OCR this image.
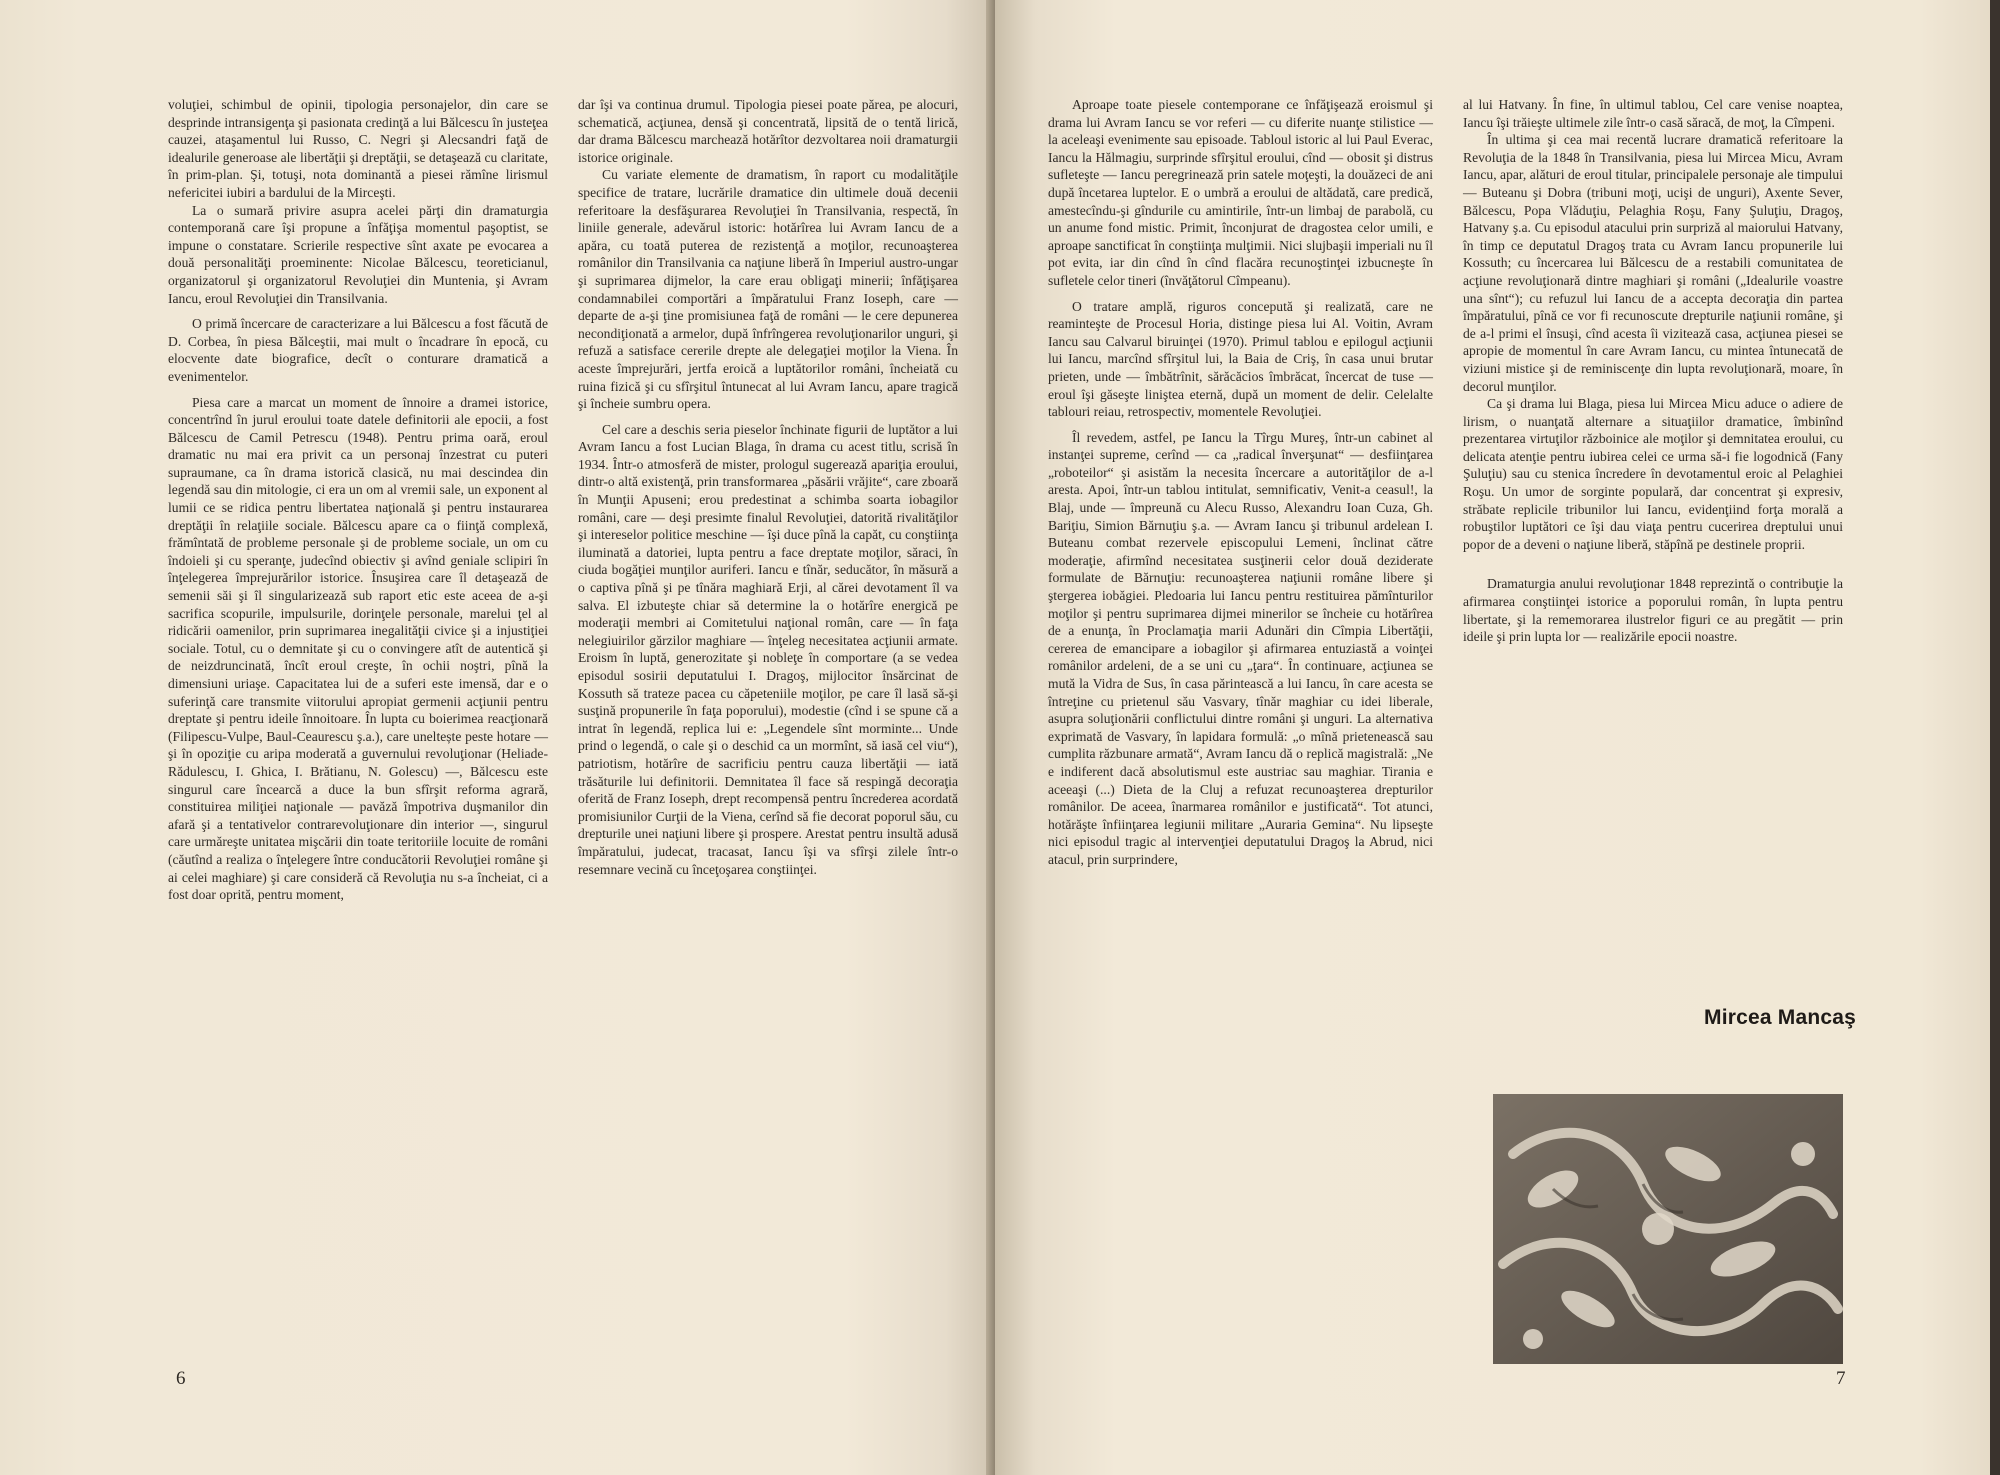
voluţiei, schimbul de opinii, tipologia personajelor, din care se desprinde intransigenţa şi pasionata credinţă a lui Bălcescu în justeţea cauzei, ataşamentul lui Russo, C. Negri şi Alecsandri faţă de idealurile generoase ale libertăţii şi dreptăţii, se detaşează cu claritate, în prim-plan. Şi, totuşi, nota dominantă a piesei rămîne lirismul nefericitei iubiri a bardului de la Mirceşti.

La o sumară privire asupra acelei părţi din dramaturgia contemporană care îşi propune a înfăţişa momentul paşoptist, se impune o constatare. Scrierile respective sînt axate pe evocarea a două personalităţi proeminente: Nicolae Bălcescu, teoreticianul, organizatorul şi organizatorul Revoluţiei din Muntenia, şi Avram Iancu, eroul Revoluţiei din Transilvania.

O primă încercare de caracterizare a lui Bălcescu a fost făcută de D. Corbea, în piesa Bălceştii, mai mult o încadrare în epocă, cu elocvente date biografice, decît o conturare dramatică a evenimentelor.

Piesa care a marcat un moment de înnoire a dramei istorice, concentrînd în jurul eroului toate datele definitorii ale epocii, a fost Bălcescu de Camil Petrescu (1948). Pentru prima oară, eroul dramatic nu mai era privit ca un personaj înzestrat cu puteri supraumane, ca în drama istorică clasică, nu mai descindea din legendă sau din mitologie, ci era un om al vremii sale, un exponent al lumii ce se ridica pentru libertatea naţională şi pentru instaurarea dreptăţii în relaţiile sociale. Bălcescu apare ca o fiinţă complexă, frămîntată de probleme personale şi de probleme sociale, un om cu îndoieli şi cu speranţe, judecînd obiectiv şi avînd geniale sclipiri în înţelegerea împrejurărilor istorice. Însuşirea care îl detaşează de semenii săi şi îl singularizează sub raport etic este aceea de a-şi sacrifica scopurile, impulsurile, dorinţele personale, marelui ţel al ridicării oamenilor, prin suprimarea inegalităţii civice şi a injustiţiei sociale. Totul, cu o demnitate şi cu o convingere atît de autentică şi de neizdruncinată, încît eroul creşte, în ochii noştri, pînă la dimensiuni uriaşe. Capacitatea lui de a suferi este imensă, dar e o suferinţă care transmite viitorului apropiat germenii acţiunii pentru dreptate şi pentru ideile înnoitoare. În lupta cu boierimea reacţionară (Filipescu-Vulpe, Baul-Ceaurescu ş.a.), care uneltește peste hotare — şi în opoziţie cu aripa moderată a guvernului revoluţionar (Heliade-Rădulescu, I. Ghica, I. Brătianu, N. Golescu) —, Bălcescu este singurul care încearcă a duce la bun sfîrşit reforma agrară, constituirea miliţiei naţionale — pavăză împotriva duşmanilor din afară şi a tentativelor contrarevoluţionare din interior —, singurul care urmăreşte unitatea mişcării din toate teritoriile locuite de români (căutînd a realiza o înţelegere între conducătorii Revoluţiei române şi ai celei maghiare) şi care consideră că Revoluţia nu s-a încheiat, ci a fost doar oprită, pentru moment,

dar îşi va continua drumul. Tipologia piesei poate părea, pe alocuri, schematică, acţiunea, densă şi concentrată, lipsită de o tentă lirică, dar drama Bălcescu marchează hotărîtor dezvoltarea noii dramaturgii istorice originale.

Cu variate elemente de dramatism, în raport cu modalităţile specifice de tratare, lucrările dramatice din ultimele două decenii referitoare la desfăşurarea Revoluţiei în Transilvania, respectă, în liniile generale, adevărul istoric: hotărîrea lui Avram Iancu de a apăra, cu toată puterea de rezistenţă a moţilor, recunoaşterea românilor din Transilvania ca naţiune liberă în Imperiul austro-ungar şi suprimarea dijmelor, la care erau obligaţi minerii; înfăţişarea condamnabilei comportări a împăratului Franz Ioseph, care — departe de a-şi ţine promisiunea faţă de români — le cere depunerea necondiţionată a armelor, după înfrîngerea revoluţionarilor unguri, şi refuză a satisface cererile drepte ale delegaţiei moţilor la Viena. În aceste împrejurări, jertfa eroică a luptătorilor români, încheiată cu ruina fizică şi cu sfîrşitul întunecat al lui Avram Iancu, apare tragică şi încheie sumbru opera.

Cel care a deschis seria pieselor închinate figurii de luptător a lui Avram Iancu a fost Lucian Blaga, în drama cu acest titlu, scrisă în 1934. Într-o atmosferă de mister, prologul sugerează apariţia eroului, dintr-o altă existenţă, prin transformarea „păsării vrăjite“, care zboară în Munţii Apuseni; erou predestinat a schimba soarta iobagilor români, care — deşi presimte finalul Revoluţiei, datorită rivalităţilor şi intereselor politice meschine — îşi duce pînă la capăt, cu conştiinţa iluminată a datoriei, lupta pentru a face dreptate moţilor, săraci, în ciuda bogăţiei munţilor auriferi. Iancu e tînăr, seducător, în măsură a o captiva pînă şi pe tînăra maghiară Erji, al cărei devotament îl va salva. El izbuteşte chiar să determine la o hotărîre energică pe moderaţii membri ai Comitetului naţional român, care — în faţa nelegiuirilor gărzilor maghiare — înţeleg necesitatea acţiunii armate. Eroism în luptă, generozitate şi nobleţe în comportare (a se vedea episodul sosirii deputatului I. Dragoş, mijlocitor însărcinat de Kossuth să trateze pacea cu căpeteniile moţilor, pe care îl lasă să-şi susţină propunerile în faţa poporului), modestie (cînd i se spune că a intrat în legendă, replica lui e: „Legendele sînt morminte... Unde prind o legendă, o cale şi o deschid ca un mormînt, să iasă cel viu“), patriotism, hotărîre de sacrificiu pentru cauza libertăţii — iată trăsăturile lui definitorii. Demnitatea îl face să respingă decoraţia oferită de Franz Ioseph, drept recompensă pentru încrederea acordată promisiunilor Curţii de la Viena, cerînd să fie decorat poporul său, cu drepturile unei naţiuni libere şi prospere. Arestat pentru insultă adusă împăratului, judecat, tracasat, Iancu îşi va sfîrşi zilele într-o resemnare vecină cu înceţoşarea conştiinţei.

6

Aproape toate piesele contemporane ce înfăţişează eroismul şi drama lui Avram Iancu se vor referi — cu diferite nuanţe stilistice — la aceleaşi evenimente sau episoade. Tabloul istoric al lui Paul Everac, Iancu la Hălmagiu, surprinde sfîrşitul eroului, cînd — obosit şi distrus sufleteşte — Iancu peregrinează prin satele moţeşti, la douăzeci de ani după încetarea luptelor. E o umbră a eroului de altădată, care predică, amestecîndu-şi gîndurile cu amintirile, într-un limbaj de parabolă, cu un anume fond mistic. Primit, înconjurat de dragostea celor umili, e aproape sanctificat în conştiinţa mulţimii. Nici slujbaşii imperiali nu îl pot evita, iar din cînd în cînd flacăra recunoştinţei izbucneşte în sufletele celor tineri (învăţătorul Cîmpeanu).

O tratare amplă, riguros concepută şi realizată, care ne reaminteşte de Procesul Horia, distinge piesa lui Al. Voitin, Avram Iancu sau Calvarul biruinţei (1970). Primul tablou e epilogul acţiunii lui Iancu, marcînd sfîrşitul lui, la Baia de Criş, în casa unui brutar prieten, unde — îmbătrînit, sărăcăcios îmbrăcat, încercat de tuse — eroul îşi găseşte liniştea eternă, după un moment de delir. Celelalte tablouri reiau, retrospectiv, momentele Revoluţiei.

Îl revedem, astfel, pe Iancu la Tîrgu Mureş, într-un cabinet al instanţei supreme, cerînd — ca „radical înverşunat“ — desfiinţarea „roboteilor“ şi asistăm la necesita încercare a autorităţilor de a-l aresta. Apoi, într-un tablou intitulat, semnificativ, Venit-a ceasul!, la Blaj, unde — împreună cu Alecu Russo, Alexandru Ioan Cuza, Gh. Bariţiu, Simion Bărnuţiu ş.a. — Avram Iancu şi tribunul ardelean I. Buteanu combat rezervele episcopului Lemeni, înclinat către moderaţie, afirmînd necesitatea susţinerii celor două deziderate formulate de Bărnuţiu: recunoaşterea naţiunii române libere şi ştergerea iobăgiei. Pledoaria lui Iancu pentru restituirea pămînturilor moţilor şi pentru suprimarea dijmei minerilor se încheie cu hotărîrea de a enunţa, în Proclamaţia marii Adunări din Cîmpia Libertăţii, cererea de emancipare a iobagilor şi afirmarea entuziastă a voinţei românilor ardeleni, de a se uni cu „ţara“. În continuare, acţiunea se mută la Vidra de Sus, în casa părintească a lui Iancu, în care acesta se întreţine cu prietenul său Vasvary, tînăr maghiar cu idei liberale, asupra soluţionării conflictului dintre români şi unguri. La alternativa exprimată de Vasvary, în lapidara formulă: „o mînă prietenească sau cumplita răzbunare armată“, Avram Iancu dă o replică magistrală: „Ne e indiferent dacă absolutismul este austriac sau maghiar. Tirania e aceeaşi (...) Dieta de la Cluj a refuzat recunoaşterea drepturilor românilor. De aceea, înarmarea românilor e justificată“. Tot atunci, hotărăşte înfiinţarea legiunii militare „Auraria Gemina“. Nu lipseşte nici episodul tragic al intervenţiei deputatului Dragoş la Abrud, nici atacul, prin surprindere,

al lui Hatvany. În fine, în ultimul tablou, Cel care venise noaptea, Iancu îşi trăieşte ultimele zile într-o casă săracă, de moţ, la Cîmpeni.

În ultima şi cea mai recentă lucrare dramatică referitoare la Revoluţia de la 1848 în Transilvania, piesa lui Mircea Micu, Avram Iancu, apar, alături de eroul titular, principalele personaje ale timpului — Buteanu şi Dobra (tribuni moţi, ucişi de unguri), Axente Sever, Bălcescu, Popa Vlăduţiu, Pelaghia Roşu, Fany Şuluţiu, Dragoş, Hatvany ş.a. Cu episodul atacului prin surpriză al maiorului Hatvany, în timp ce deputatul Dragoş trata cu Avram Iancu propunerile lui Kossuth; cu încercarea lui Bălcescu de a restabili comunitatea de acţiune revoluţionară dintre maghiari şi români („Idealurile voastre una sînt“); cu refuzul lui Iancu de a accepta decoraţia din partea împăratului, pînă ce vor fi recunoscute drepturile naţiunii române, şi de a-l primi el însuşi, cînd acesta îi vizitează casa, acţiunea piesei se apropie de momentul în care Avram Iancu, cu mintea întunecată de viziuni mistice şi de reminiscenţe din lupta revoluţionară, moare, în decorul munţilor.

Ca şi drama lui Blaga, piesa lui Mircea Micu aduce o adiere de lirism, o nuanţată alternare a situaţiilor dramatice, îmbinînd prezentarea virtuţilor războinice ale moţilor şi demnitatea eroului, cu delicata atenţie pentru iubirea celei ce urma să-i fie logodnică (Fany Şuluţiu) sau cu stenica încredere în devotamentul eroic al Pelaghiei Roşu. Un umor de sorginte populară, dar concentrat şi expresiv, străbate replicile tribunilor lui Iancu, evidenţiind forţa morală a robuştilor luptători ce îşi dau viaţa pentru cucerirea dreptului unui popor de a deveni o naţiune liberă, stăpînă pe destinele proprii.

Dramaturgia anului revoluţionar 1848 reprezintă o contribuţie la afirmarea conştiinţei istorice a poporului român, în lupta pentru libertate, şi la rememorarea ilustrelor figuri ce au pregătit — prin ideile şi prin lupta lor — realizările epocii noastre.

Mircea Mancaş
7
